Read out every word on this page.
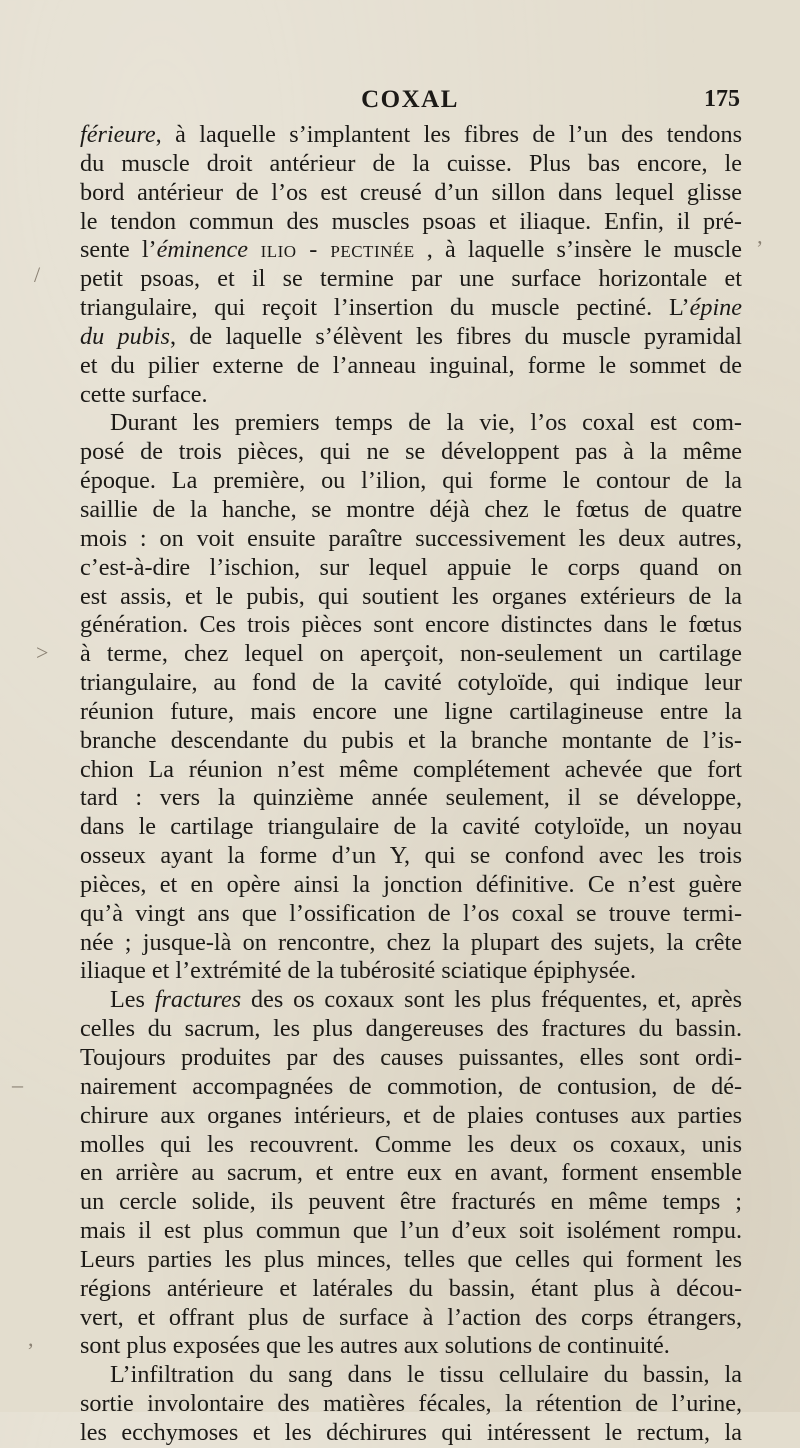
COXAL	175
férieure, à laquelle s’implantent les fibres de l’un des tendons
du muscle droit antérieur de la cuisse. Plus bas encore, le
bord antérieur de l’os est creusé d’un sillon dans lequel glisse
le tendon commun des muscles psoas et iliaque. Enfin, il pré-
sente l’éminence ilio - pectinée , à laquelle s’insère le muscle
petit psoas, et il se termine par une surface horizontale et
triangulaire, qui reçoit l’insertion du muscle pectiné. L’épine
du pubis, de laquelle s’élèvent les fibres du muscle pyramidal
et du pilier externe de l’anneau inguinal, forme le sommet de
cette surface.
Durant les premiers temps de la vie, l’os coxal est com-
posé de trois pièces, qui ne se développent pas à la même
époque. La première, ou l’ilion, qui forme le contour de la
saillie de la hanche, se montre déjà chez le fœtus de quatre
mois : on voit ensuite paraître successivement les deux autres,
c’est-à-dire l’ischion, sur lequel appuie le corps quand on
est assis, et le pubis, qui soutient les organes extérieurs de la
génération. Ces trois pièces sont encore distinctes dans le fœtus
à terme, chez lequel on aperçoit, non-seulement un cartilage
triangulaire, au fond de la cavité cotyloïde, qui indique leur
réunion future, mais encore une ligne cartilagineuse entre la
branche descendante du pubis et la branche montante de l’is-
chion La réunion n’est même complétement achevée que fort
tard : vers la quinzième année seulement, il se développe,
dans le cartilage triangulaire de la cavité cotyloïde, un noyau
osseux ayant la forme d’un Y, qui se confond avec les trois
pièces, et en opère ainsi la jonction définitive. Ce n’est guère
qu’à vingt ans que l’ossification de l’os coxal se trouve termi-
née ; jusque-là on rencontre, chez la plupart des sujets, la crête
iliaque et l’extrémité de la tubérosité sciatique épiphysée.
Les fractures des os coxaux sont les plus fréquentes, et, après
celles du sacrum, les plus dangereuses des fractures du bassin.
Toujours produites par des causes puissantes, elles sont ordi-
nairement accompagnées de commotion, de contusion, de dé-
chirure aux organes intérieurs, et de plaies contuses aux parties
molles qui les recouvrent. Comme les deux os coxaux, unis
en arrière au sacrum, et entre eux en avant, forment ensemble
un cercle solide, ils peuvent être fracturés en même temps ;
mais il est plus commun que l’un d’eux soit isolément rompu.
Leurs parties les plus minces, telles que celles qui forment les
régions antérieure et latérales du bassin, étant plus à décou-
vert, et offrant plus de surface à l’action des corps étrangers,
sont plus exposées que les autres aux solutions de continuité.
L’infiltration du sang dans le tissu cellulaire du bassin, la
sortie involontaire des matières fécales, la rétention de l’urine,
les ecchymoses et les déchirures qui intéressent le rectum, la
ʼ
/
>
–
,
